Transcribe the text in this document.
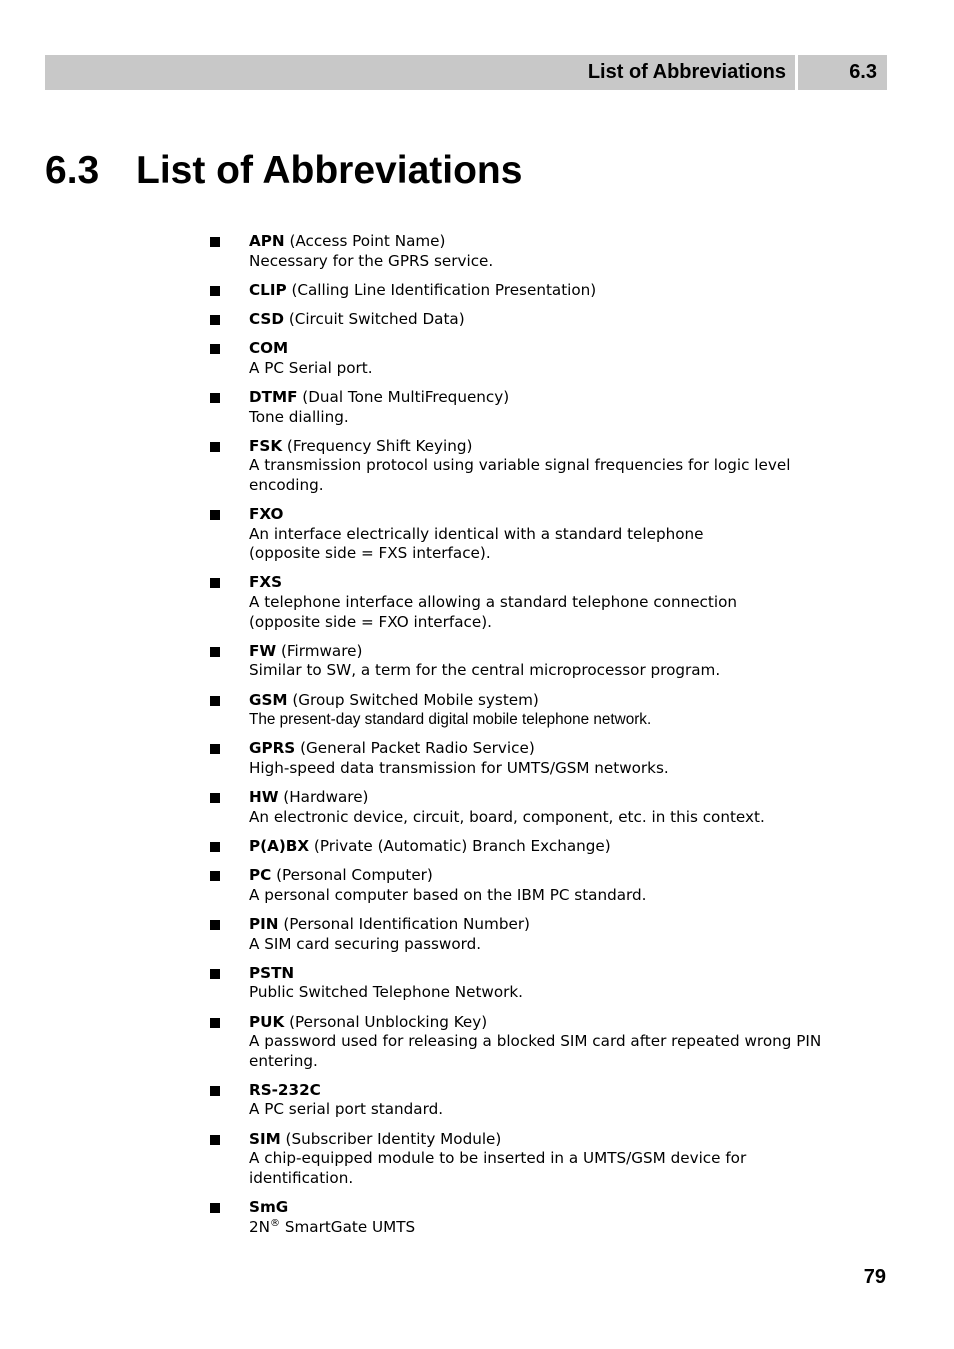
List of Abbreviations	6.3
6.3 List of Abbreviations

APN (Access Point Name)

Necessary for the GPRS service.

CLIP (Calling Line Identification Presentation)

CSD (Circuit Switched Data)

COM

A PC Serial port.

DTMF (Dual Tone MultiFrequency)

Tone dialling.

FSK (Frequency Shift Keying)

A transmission protocol using variable signal frequencies for logic level encoding.

FXO

An interface electrically identical with a standard telephone

(opposite side = FXS interface).

FXS

A telephone interface allowing a standard telephone connection

(opposite side = FXO interface).

FW (Firmware)

Similar to SW, a term for the central microprocessor program.

GSM (Group Switched Mobile system)

The present-day standard digital mobile telephone network.

GPRS (General Packet Radio Service)

High-speed data transmission for UMTS/GSM networks.

HW (Hardware)

An electronic device, circuit, board, component, etc. in this context.

P(A)BX (Private (Automatic) Branch Exchange)

PC (Personal Computer)

A personal computer based on the IBM PC standard.

PIN (Personal Identification Number)

A SIM card securing password.

PSTN

Public Switched Telephone Network.

PUK (Personal Unblocking Key)

A password used for releasing a blocked SIM card after repeated wrong PIN entering.

RS-232C

A PC serial port standard.

SIM (Subscriber Identity Module)

A chip-equipped module to be inserted in a UMTS/GSM device for identification.

SmG

2N® SmartGate UMTS

79
